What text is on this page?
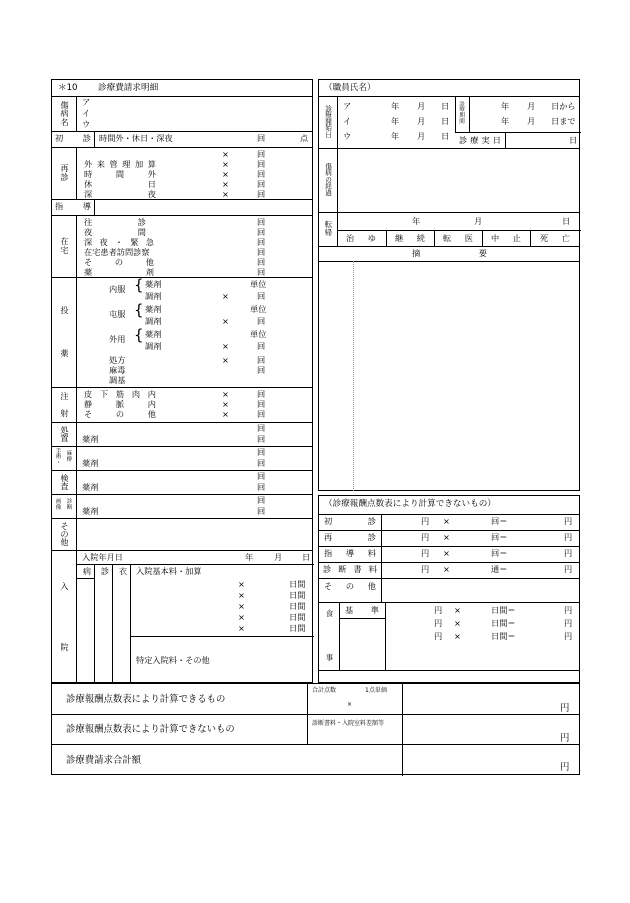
＊10 診療費請求明細
傷
病
名
ア
イ
ウ
初 診 時間外・休日・深夜	回	点
再
診
×	回
外 来 管 理 加 算	×	回
時	間	外	×	回
休	日	×	回
深	夜	×	回
指 導
在
宅
往	診	回
夜	間	回
深 夜 ・ 緊 急	回
在宅患者訪問診察	回
そ	の	他	回
薬	剤	回
投
薬
内服 { 薬剤	単位
調剤	×	回
屯服 { 薬剤	単位
調剤	×	回
外用 { 薬剤	単位
調剤	×	回
処方	×	回
麻毒	回
調基
注
射
皮 下 筋 肉 内	×	回
静	脈	内	×	回
そ	の	他	×	回
処
置
回
薬剤	回
手
術
・
麻
酔
回
薬剤	回
検
査
回
薬剤	回
画
像
診
断
回
薬剤	回
そ
の
他
入
院
入院年月日	年	月 日
病	診	衣	入院基本料・加算
×	日間
×	日間
×	日間
×	日間
×	日間
特定入院料・その他
（職員氏名）
診
療
開
始
日
ア	年 月 日
イ	年 月 日
ウ	年 月 日
診
療
期
間
年 月 日から
年 月 日まで
診 療 実 日	日
傷
病
の
経
過
転
帰
年	月	日
治 ゆ 継 続 転 医 中 止 死 亡
摘	要
（診療報酬点数表により計算できないもの）
初	診	円 ×	回＝	円
再	診	円 ×	回＝	円
指 導 料	円 ×	回＝	円
診 断 書 料	円 ×	通＝	円
そ の 他
食
事
基 準	円 ×	日間＝	円
円 ×	日間＝	円
円 ×	日間＝	円
診療報酬点数表により計算できるもの
合計点数	1点単価
×	円
診療報酬点数表により計算できないもの
診断書料・入院室料差額等
円
診療費請求合計額
円
